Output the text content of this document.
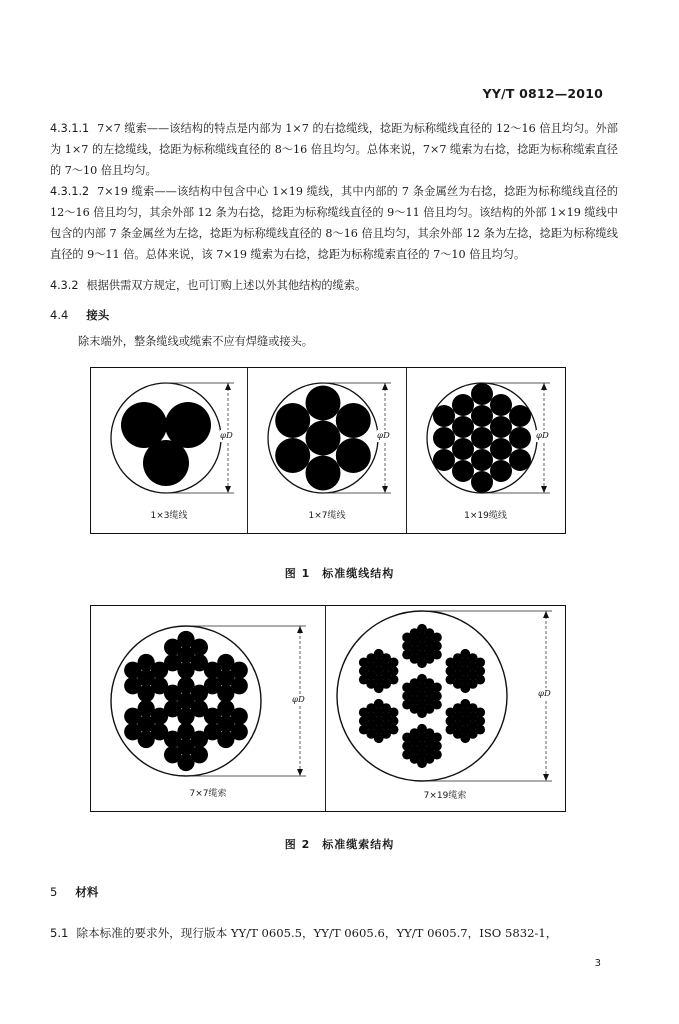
YY/T 0812—2010
4.3.1.1 7×7 缆索——该结构的特点是内部为 1×7 的右捻缆线，捻距为标称缆线直径的 12～16 倍且均匀。外部为 1×7 的左捻缆线，捻距为标称缆线直径的 8～16 倍且均匀。总体来说，7×7 缆索为右捻，捻距为标称缆索直径的 7～10 倍且均匀。
4.3.1.2 7×19 缆索——该结构中包含中心 1×19 缆线，其中内部的 7 条金属丝为右捻，捻距为标称缆线直径的 12～16 倍且均匀，其余外部 12 条为右捻，捻距为标称缆线直径的 9～11 倍且均匀。该结构的外部 1×19 缆线中包含的内部 7 条金属丝为左捻，捻距为标称缆线直径的 8～16 倍且均匀，其余外部 12 条为左捻，捻距为标称缆线直径的 9～11 倍。总体来说，该 7×19 缆索为右捻，捻距为标称缆索直径的 7～10 倍且均匀。
4.3.2 根据供需双方规定，也可订购上述以外其他结构的缆索。
4.4 接头
除末端外，整条缆线或缆索不应有焊缝或接头。
φD
1×3缆线
φD
1×7缆线
φD
1×19缆线
图 1　标准缆线结构
φD
7×7缆索
φD
7×19缆索
图 2　标准缆索结构
5 材料
5.1 除本标准的要求外，现行版本 YY/T 0605.5，YY/T 0605.6，YY/T 0605.7，ISO 5832-1，
3
